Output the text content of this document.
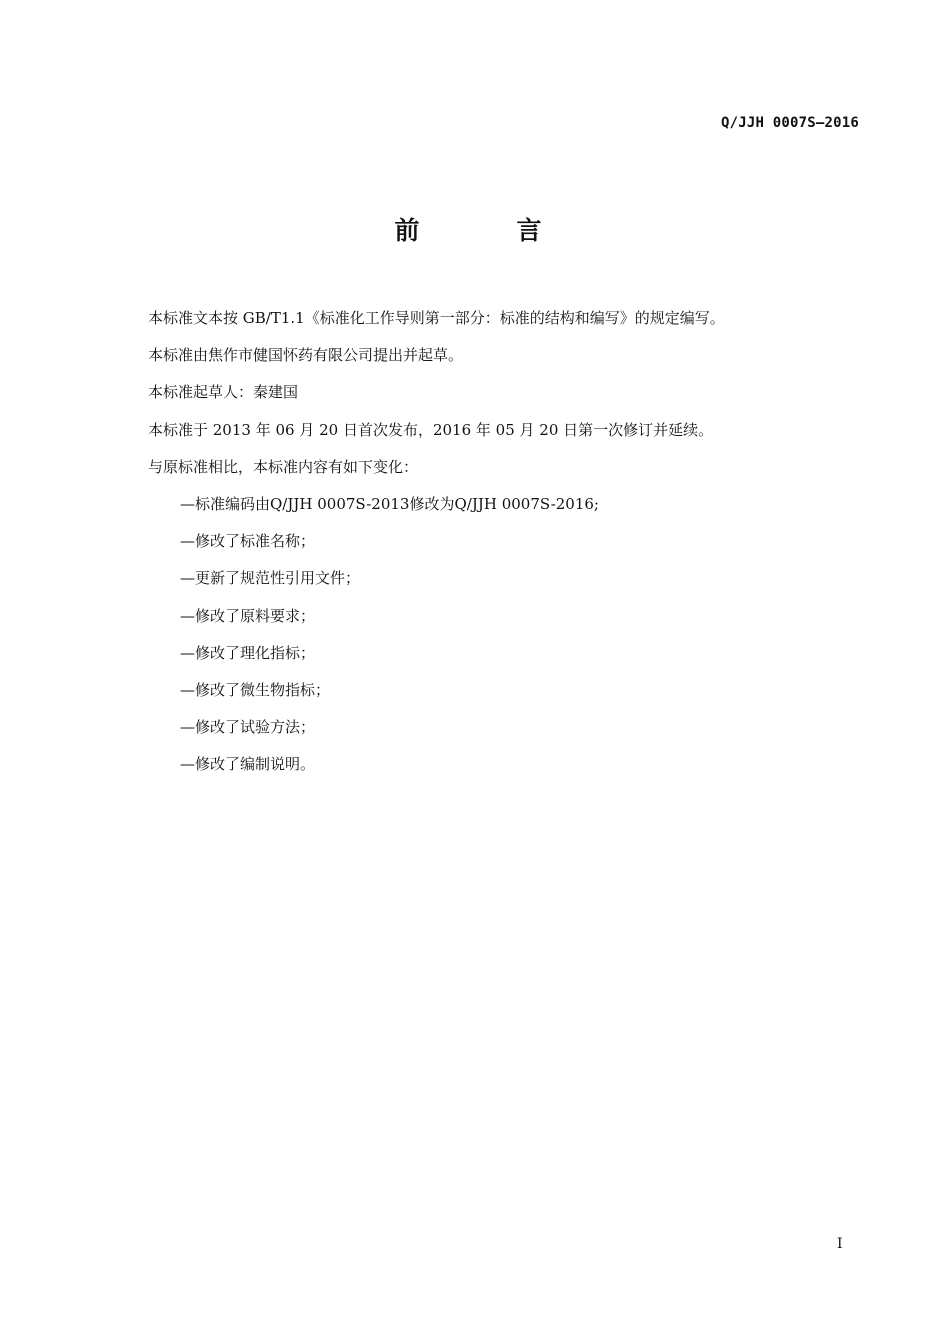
Q/JJH 0007S—2016
前　言
本标准文本按 GB/T1.1《标准化工作导则第一部分：标准的结构和编写》的规定编写。
本标准由焦作市健国怀药有限公司提出并起草。
本标准起草人：秦建国
本标准于 2013 年 06 月 20 日首次发布，2016 年 05 月 20 日第一次修订并延续。
与原标准相比，本标准内容有如下变化：
—标准编码由Q/JJH 0007S-2013修改为Q/JJH 0007S-2016;
—修改了标准名称；
—更新了规范性引用文件；
—修改了原料要求；
—修改了理化指标；
—修改了微生物指标；
—修改了试验方法；
—修改了编制说明。
I
